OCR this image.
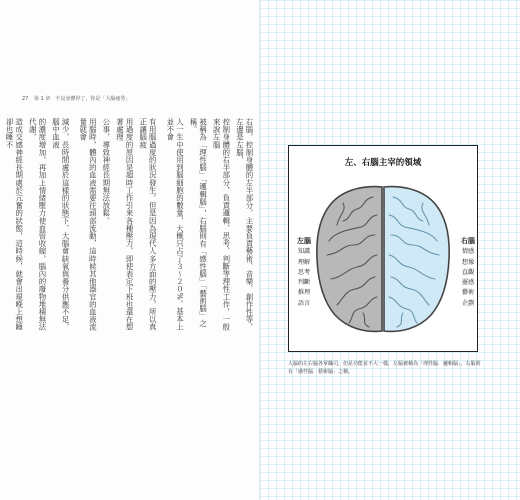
27 第 1 章　不良身體停了，你是「大腦疲勞」
右腦，控制身體的左半部分，主要負責藝術、音樂、創作性等，左邊是左腦，
控制身體的右半部分，負責邏輯、思考、判斷等理性工作，一般來說左腦
被稱為「理性腦」「邏輯腦」，右腦則有「感性腦」「藝術腦」之稱。
人一生中使用到腦細胞的數量，大概只占了３～２０%。基本上並不會
有用腦過度的狀況發生。但是因為現代人多方面的壓力，所以真正讓腦疲
用過度的原因是超時工作引來各種壓力，即使表定下班也還在想著處理
公事，導致神經長期無法放鬆。
用腦時，體內的血液需要往頭部流動，這時候其他器官的血液流量就會
減少，長時間處於這樣的狀態下，大腦會缺氧與養分供應不足，腦中血液
的濃度增加，再加上情緒壓力使血管收縮，腦內的廢物堆積無法代謝，
造成交感神經長期處於亢奮的狀態，這時候，就會出現晚上想睡卻也睡不
左、右腦主宰的領域
左腦
知識
理解
思考
判斷
推理
語言
右腦
情感
想像
直觀
靈感
藝術
企劃
人腦的左右腦各掌職司，但是功能並不大一樣，左腦被稱為「理性腦．邏輯腦」，右腦則有「感性腦．藝術腦」之稱。
